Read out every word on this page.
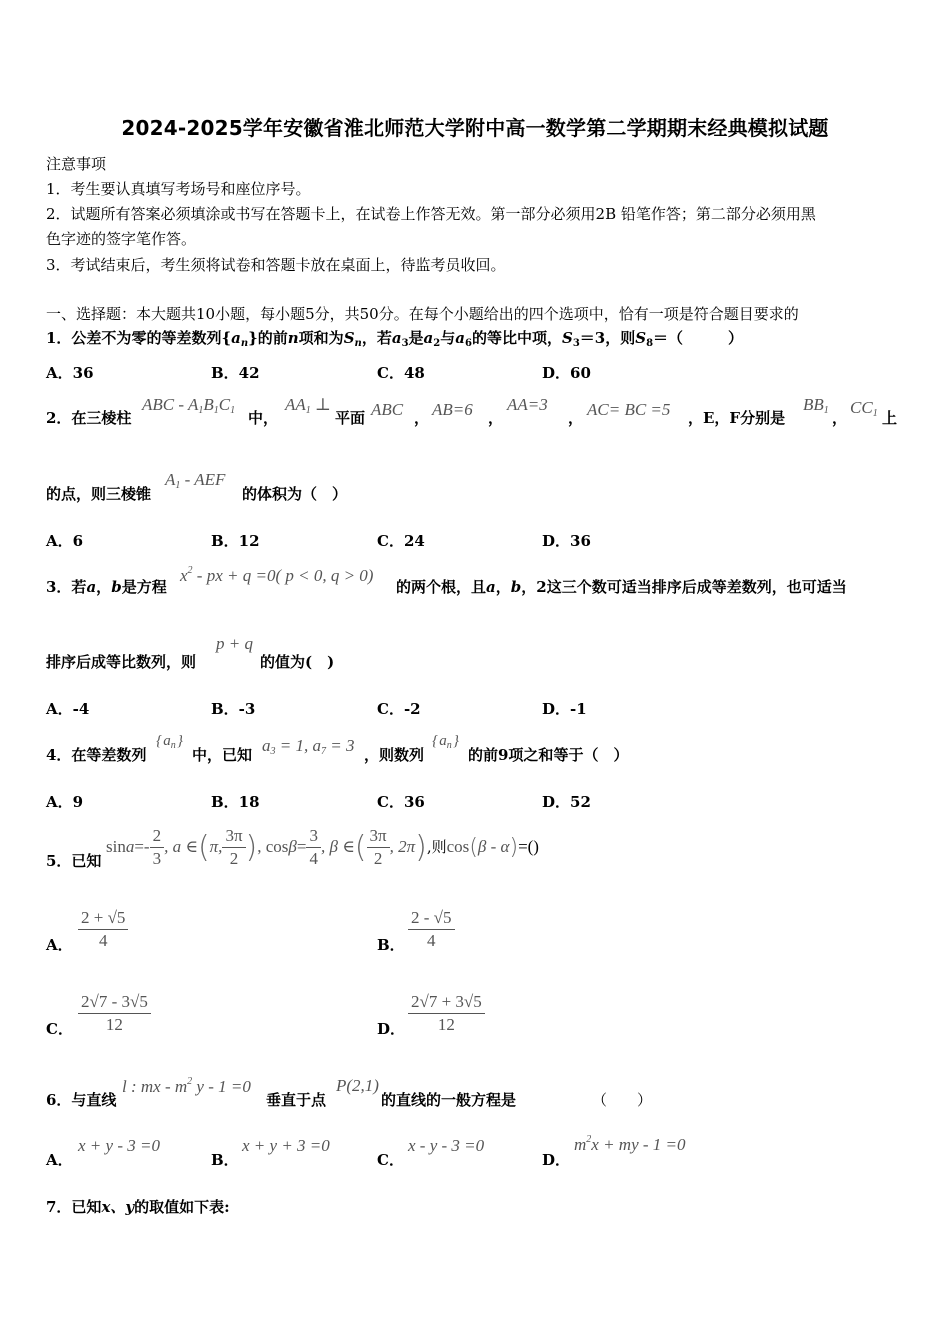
2024-2025学年安徽省淮北师范大学附中高一数学第二学期期末经典模拟试题
注意事项
1．考生要认真填写考场号和座位序号。
2．试题所有答案必须填涂或书写在答题卡上，在试卷上作答无效。第一部分必须用2B 铅笔作答；第二部分必须用黑
色字迹的签字笔作答。
3．考试结束后，考生须将试卷和答题卡放在桌面上，待监考员收回。
一、选择题：本大题共10小题，每小题5分，共50分。在每个小题给出的四个选项中，恰有一项是符合题目要求的
1．公差不为零的等差数列$\{a_n\}$的前n项和为$S_n$，若$a_3$是$a_2$与$a_6$的等比中项，$S_3=3$，则$S_8=$（　　　）
A．36	B．42	C．48	D．60
2．在三棱柱
ABC - $A_1B_1C_1$ 中，
$AA_1$ ⊥
平面 ABC ， AB=6 ，
AA=3
， AC= BC =5 ，E，F分别是
$BB_1$ ，
$CC_1$ 上
的点，则三棱锥
$A_1$ - AEF
的体积为（　）
A．6	B．12	C．24	D．36
3．若a，b是方程
$x^2$ - px + q =0( p < 0, q > 0)
的两个根，且a，b，2这三个数可适当排序后成等差数列，也可适当
排序后成等比数列，则
p + q
的值为(　)
A．-4	B．-3	C．-2	D．-1
4．在等差数列
{ $a_n$ }
中，已知 $a_3 = 1$, $a_7 = 3$ ，则数列
{ $a_n$ }
的前9项之和等于（　）
A．9	B．18	C．36	D．52
5．已知
$\sin a=- \frac{2}{3}$ , a ∈(π, $\frac{3\pi}{2}$ ), $\cos\beta= \frac{3}{4}$ , β ∈( $\frac{3\pi}{2}$ , 2π),则cos(β - α)=()
A． $\frac{2 + √5}{4}$	B． $\frac{2 - √5}{4}$
C． $\frac{2√7 - 3√5}{12}$	D． $\frac{2√7 + 3√5}{12}$
6．与直线
l : mx - $m^2$ y - 1 =0
垂直于点
P(2,1)
的直线的一般方程是	（　　）
A．
x + y - 3 =0
B．
x + y + 3 =0
C．
x - y - 3 =0
D．
$m^2x$ + my - 1 =0
7．已知x、y的取值如下表:
